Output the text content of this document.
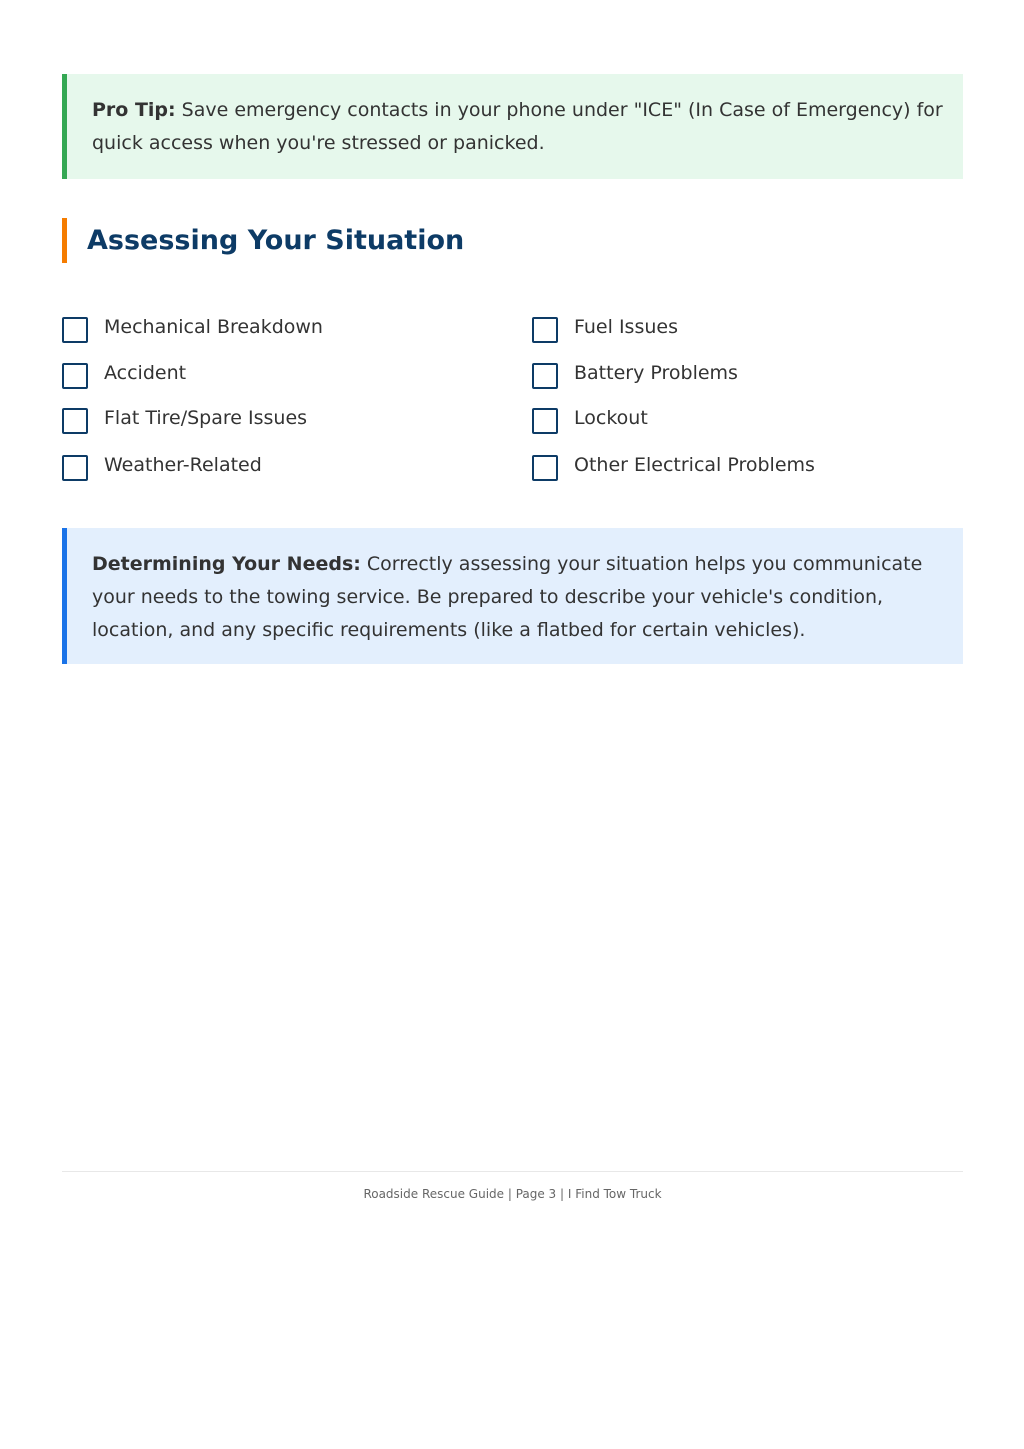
Pro Tip: Save emergency contacts in your phone under "ICE" (In Case of Emergency) for quick access when you're stressed or panicked.
Assessing Your Situation
Mechanical Breakdown
Accident
Flat Tire/Spare Issues
Weather-Related
Fuel Issues
Battery Problems
Lockout
Other Electrical Problems
Determining Your Needs: Correctly assessing your situation helps you communicate your needs to the towing service. Be prepared to describe your vehicle's condition, location, and any specific requirements (like a flatbed for certain vehicles).
Roadside Rescue Guide | Page 3 | I Find Tow Truck
